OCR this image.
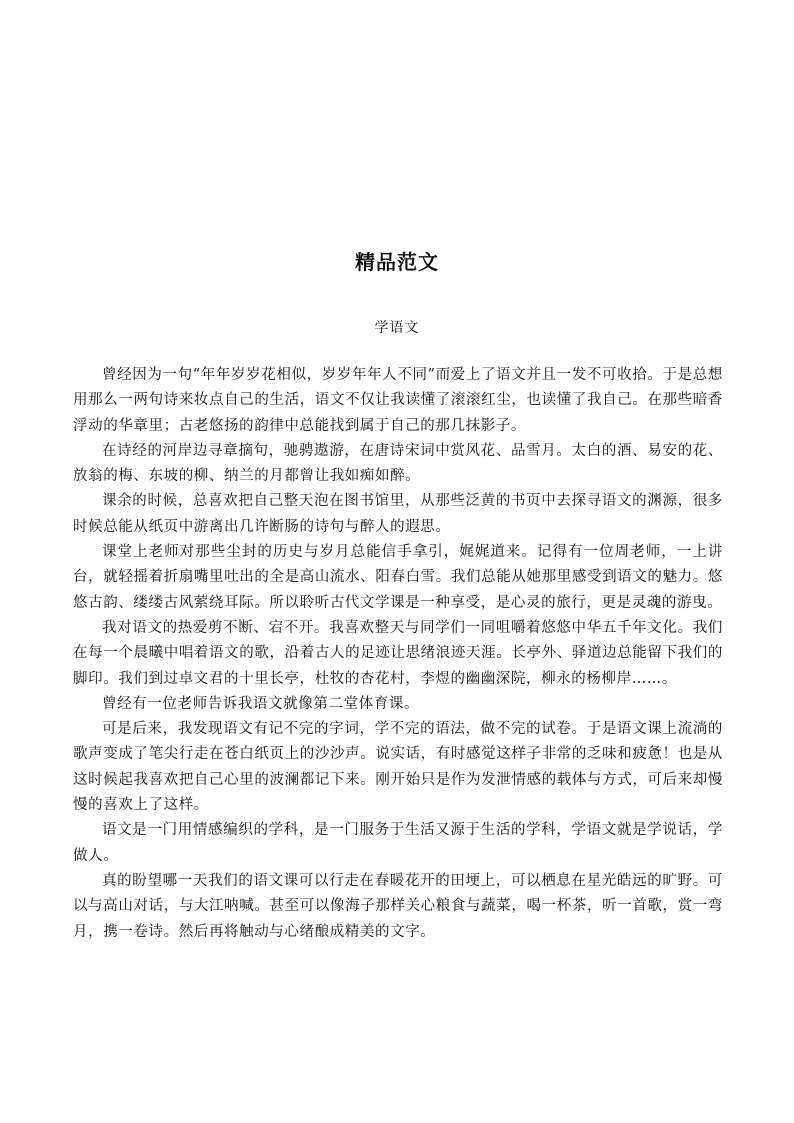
精品范文

学语文

曾经因为一句“年年岁岁花相似，岁岁年年人不同”而爱上了语文并且一发不可收拾。于是总想用那么一两句诗来妆点自己的生活，语文不仅让我读懂了滚滚红尘，也读懂了我自己。在那些暗香浮动的华章里；古老悠扬的韵律中总能找到属于自己的那几抹影子。

在诗经的河岸边寻章摘句，驰骋遨游，在唐诗宋词中赏风花、品雪月。太白的酒、易安的花、放翁的梅、东坡的柳、纳兰的月都曾让我如痴如醉。

课余的时候，总喜欢把自己整天泡在图书馆里，从那些泛黄的书页中去探寻语文的渊源，很多时候总能从纸页中游离出几许断肠的诗句与醉人的遐思。

课堂上老师对那些尘封的历史与岁月总能信手拿引，娓娓道来。记得有一位周老师，一上讲台，就轻摇着折扇嘴里吐出的全是高山流水、阳春白雪。我们总能从她那里感受到语文的魅力。悠悠古韵、缕缕古风萦绕耳际。所以聆听古代文学课是一种享受，是心灵的旅行，更是灵魂的游曳。

我对语文的热爱剪不断、宕不开。我喜欢整天与同学们一同咀嚼着悠悠中华五千年文化。我们在每一个晨曦中唱着语文的歌，沿着古人的足迹让思绪浪迹天涯。长亭外、驿道边总能留下我们的脚印。我们到过卓文君的十里长亭，杜牧的杏花村，李煜的幽幽深院，柳永的杨柳岸……。

曾经有一位老师告诉我语文就像第二堂体育课。

可是后来，我发现语文有记不完的字词，学不完的语法，做不完的试卷。于是语文课上流淌的歌声变成了笔尖行走在苍白纸页上的沙沙声。说实话，有时感觉这样子非常的乏味和疲惫！也是从这时候起我喜欢把自己心里的波澜都记下来。刚开始只是作为发泄情感的载体与方式，可后来却慢慢的喜欢上了这样。

语文是一门用情感编织的学科，是一门服务于生活又源于生活的学科，学语文就是学说话，学做人。

真的盼望哪一天我们的语文课可以行走在春暖花开的田埂上，可以栖息在星光皓远的旷野。可以与高山对话，与大江呐喊。甚至可以像海子那样关心粮食与蔬菜，喝一杯茶，听一首歌，赏一弯月，携一卷诗。然后再将触动与心绪酿成精美的文字。
